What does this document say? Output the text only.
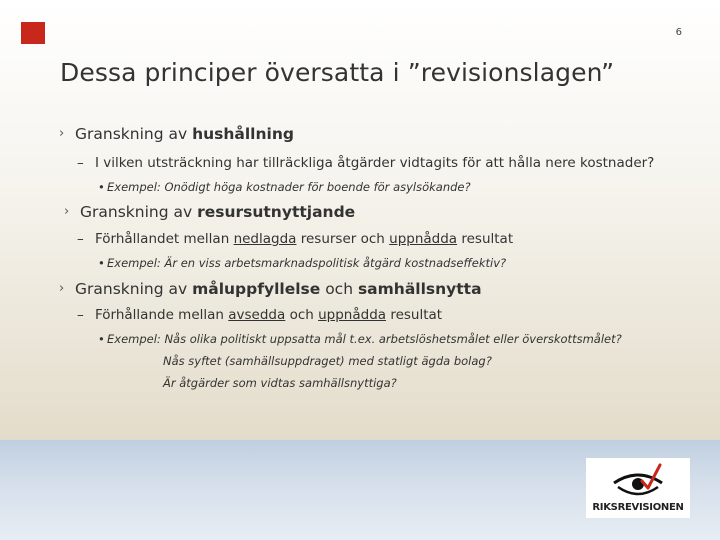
6
Dessa principer översatta i ”revisionslagen”
› Granskning av hushållning
– I vilken utsträckning har tillräckliga åtgärder vidtagits för att hålla nere kostnader?
• Exempel: Onödigt höga kostnader för boende för asylsökande?
› Granskning av resursutnyttjande
– Förhållandet mellan nedlagda resurser och uppnådda resultat
• Exempel: Är en viss arbetsmarknadspolitisk åtgärd kostnadseffektiv?
› Granskning av måluppfyllelse och samhällsnytta
– Förhållande mellan avsedda och uppnådda resultat
• Exempel: Nås olika politiskt uppsatta mål t.ex. arbetslöshetsmålet eller överskottsmålet?
Nås syftet (samhällsuppdraget) med statligt ägda bolag?
Är åtgärder som vidtas samhällsnyttiga?
RIKSREVISIONEN
